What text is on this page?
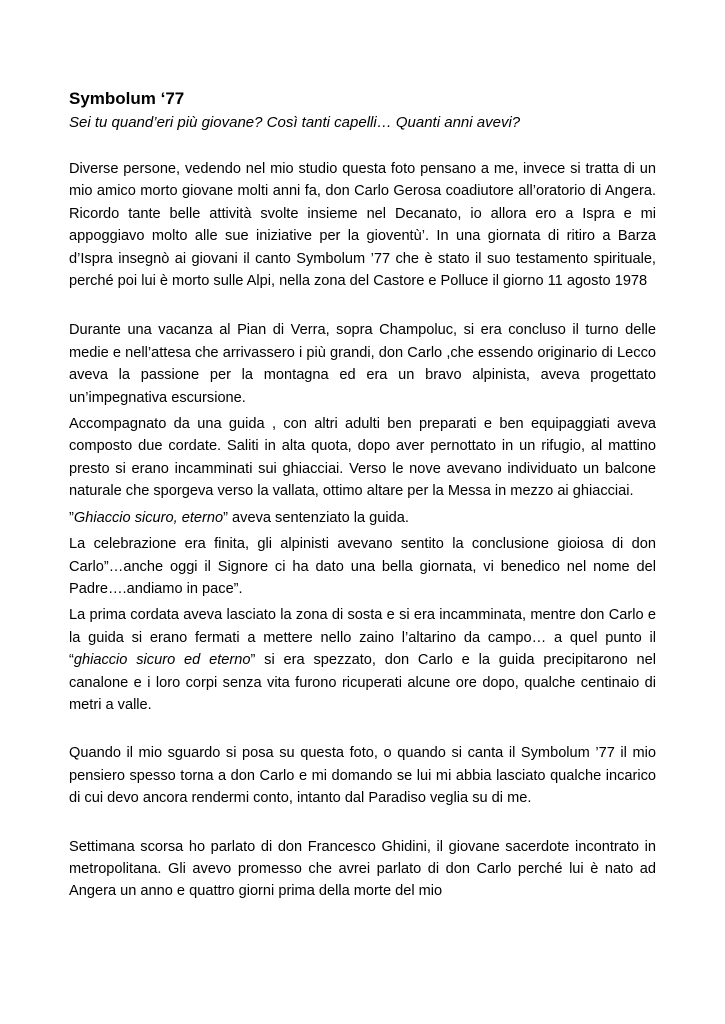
Symbolum ‘77

Sei tu quand’eri più giovane? Così tanti capelli… Quanti anni avevi?

Diverse persone, vedendo nel mio studio questa foto pensano a me, invece si tratta di un mio amico morto giovane molti anni fa, don Carlo Gerosa coadiutore all’oratorio di Angera. Ricordo tante belle attività svolte insieme nel Decanato, io allora ero a Ispra e mi appoggiavo molto alle sue iniziative per la gioventù’. In una giornata di ritiro a Barza d’Ispra insegnò ai giovani il canto Symbolum ’77 che è stato il suo testamento spirituale, perché poi lui è morto sulle Alpi, nella zona del Castore e Polluce il giorno 11 agosto 1978

Durante una vacanza al Pian di Verra, sopra Champoluc, si era concluso il turno delle medie e nell’attesa che arrivassero i più grandi, don Carlo ,che essendo originario di Lecco aveva la passione per la montagna ed era un bravo alpinista, aveva progettato un’impegnativa escursione.

Accompagnato da una guida , con altri adulti ben preparati e ben equipaggiati aveva composto due cordate. Saliti in alta quota, dopo aver pernottato in un rifugio, al mattino presto si erano incamminati sui ghiacciai. Verso le nove avevano individuato un balcone naturale che sporgeva verso la vallata, ottimo altare per la Messa in mezzo ai ghiacciai.

”Ghiaccio sicuro, eterno” aveva sentenziato la guida.

La celebrazione era finita, gli alpinisti avevano sentito la conclusione gioiosa di don Carlo”…anche oggi il Signore ci ha dato una bella giornata, vi benedico nel nome del Padre….andiamo in pace”.

La prima cordata aveva lasciato la zona di sosta e si era incamminata, mentre don Carlo e la guida si erano fermati a mettere nello zaino l’altarino da campo… a quel punto il “ghiaccio sicuro ed eterno” si era spezzato, don Carlo e la guida precipitarono nel canalone e i loro corpi senza vita furono ricuperati alcune ore dopo, qualche centinaio di metri a valle.

Quando il mio sguardo si posa su questa foto, o quando si canta il Symbolum ’77 il mio pensiero spesso torna a don Carlo e mi domando se lui mi abbia lasciato qualche incarico di cui devo ancora rendermi conto, intanto dal Paradiso veglia su di me.

Settimana scorsa ho parlato di don Francesco Ghidini, il giovane sacerdote incontrato in metropolitana. Gli avevo promesso che avrei parlato di don Carlo perché lui è nato ad Angera un anno e quattro giorni prima della morte del mio
